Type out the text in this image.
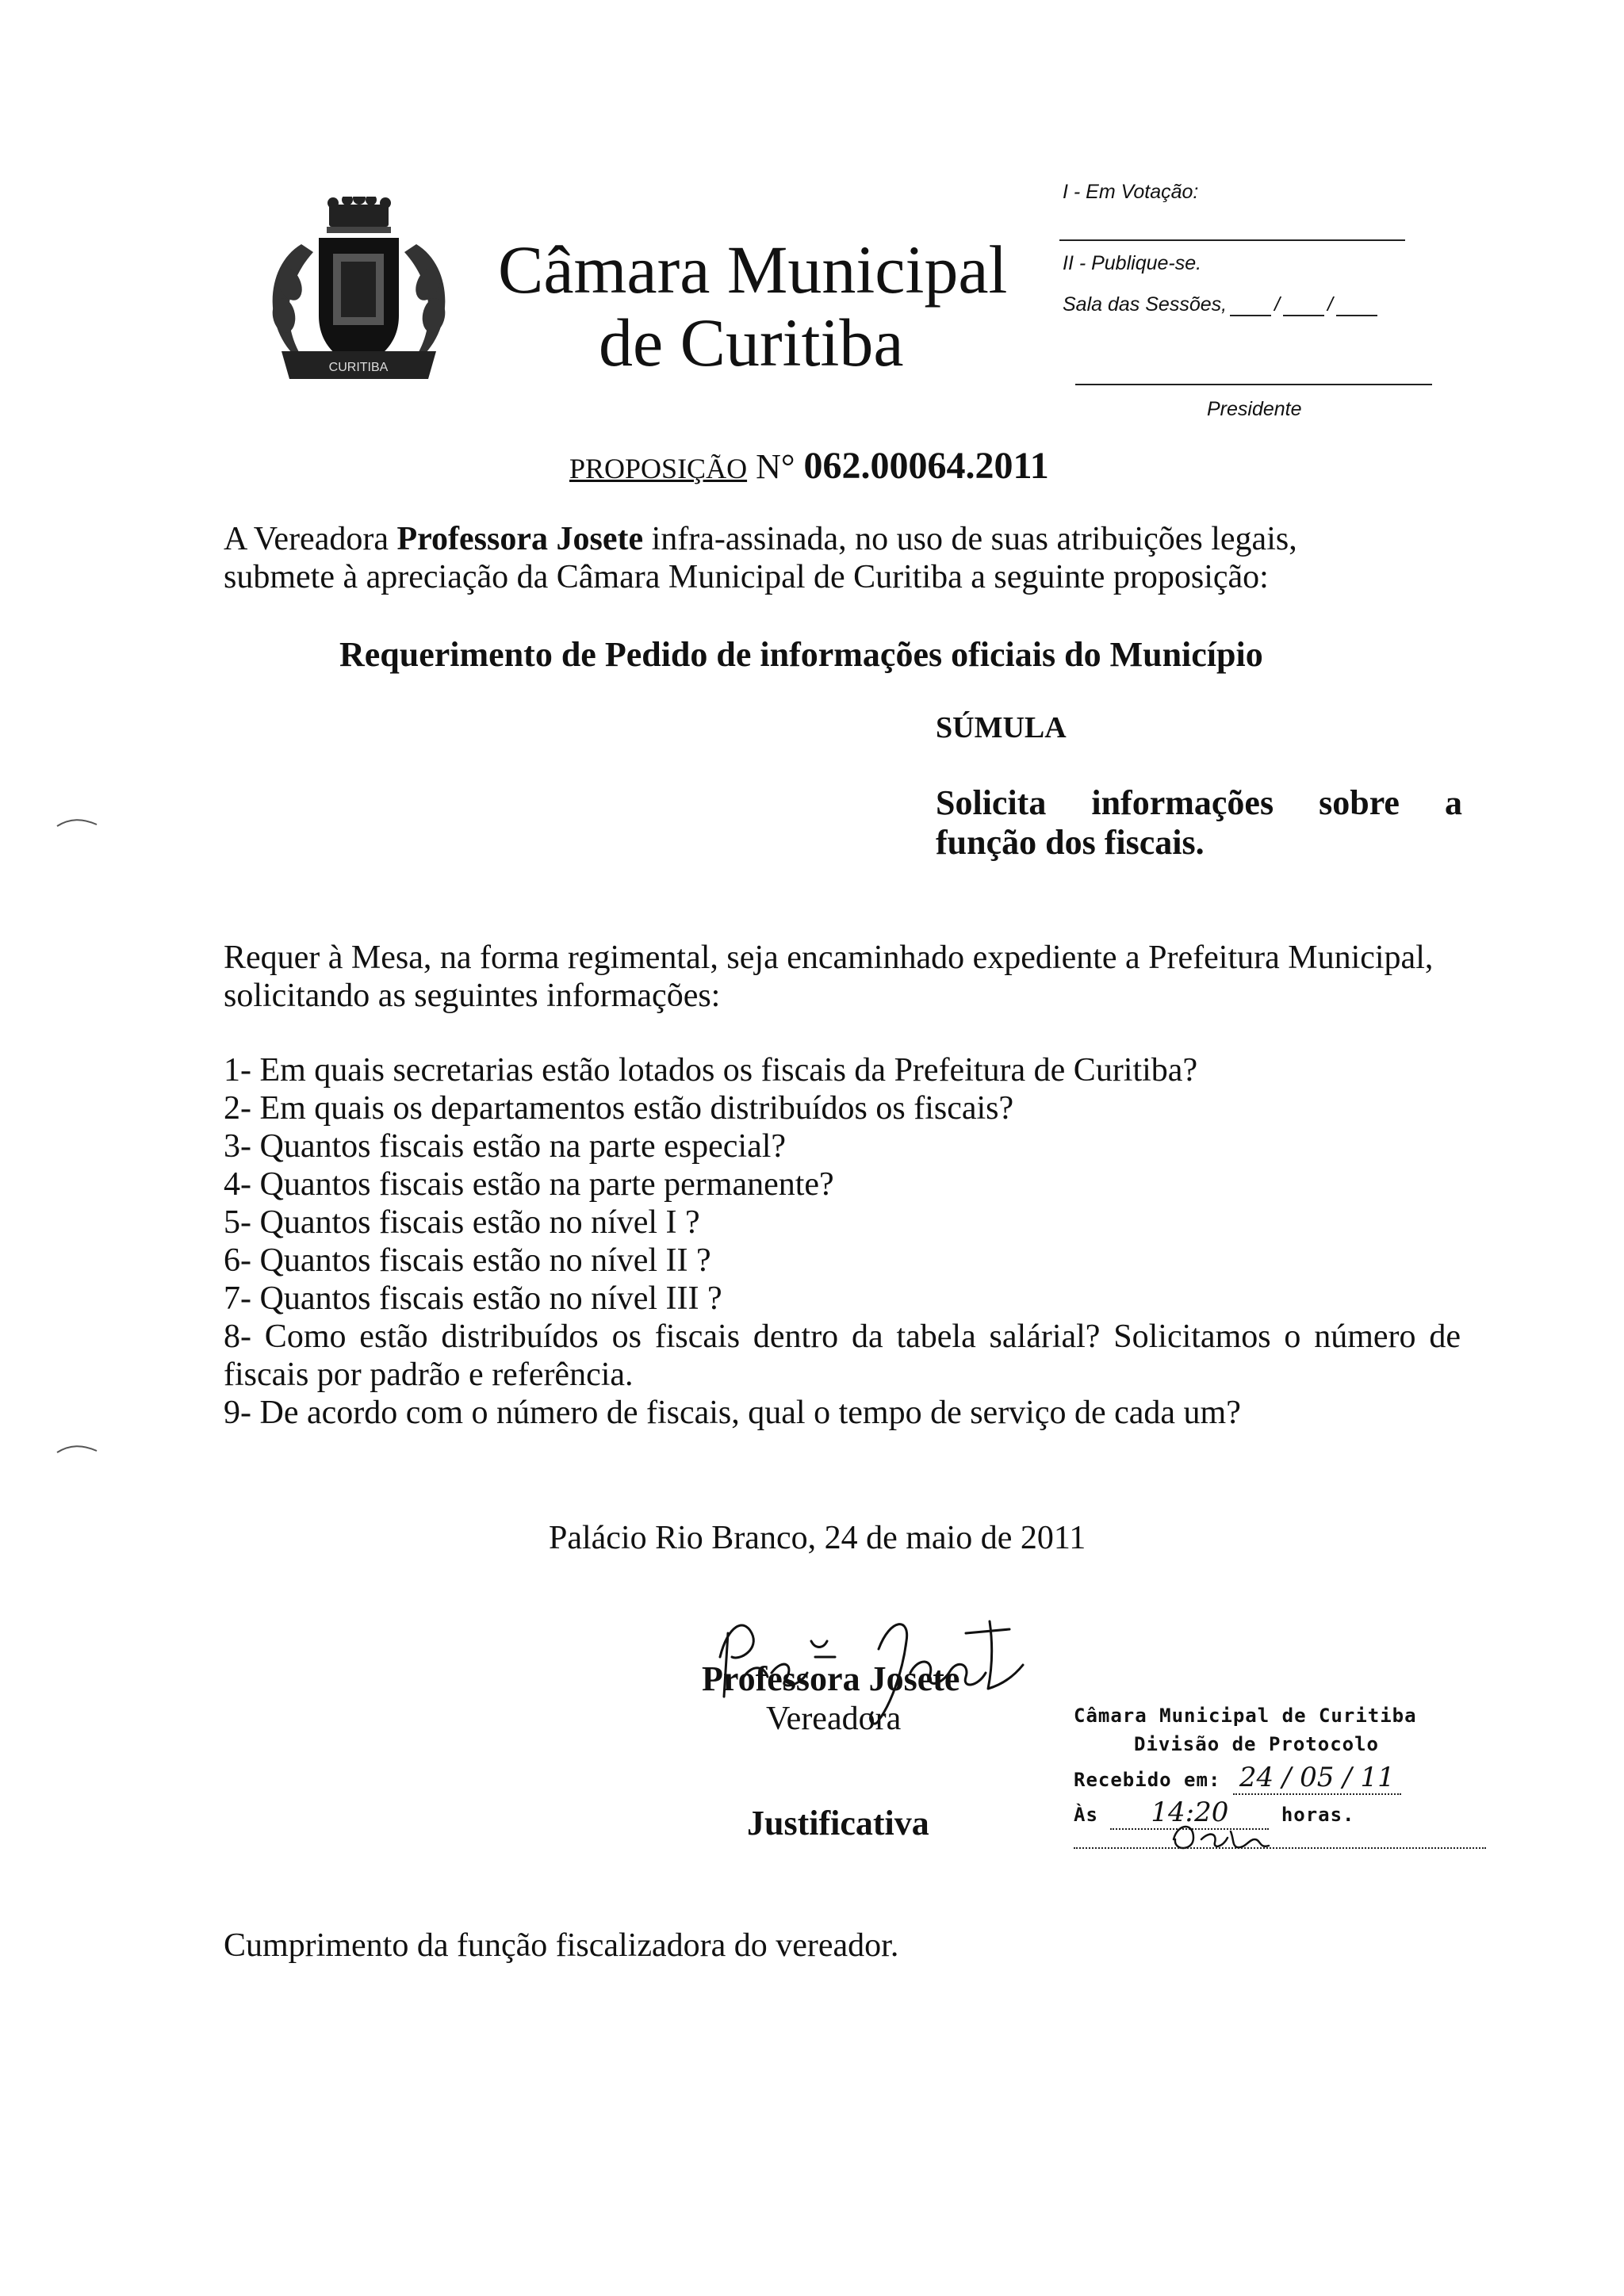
CURITIBA
Câmara Municipal
de Curitiba
I - Em Votação:
II - Publique-se.
Sala das Sessões, / /
Presidente
PROPOSIÇÃO N° 062.00064.2011
A Vereadora Professora Josete infra-assinada, no uso de suas atribuições legais,
submete à apreciação da Câmara Municipal de Curitiba a seguinte proposição:
Requerimento de Pedido de informações oficiais do Município
SÚMULA
Solicita informações sobre a função dos fiscais.
Requer à Mesa, na forma regimental, seja encaminhado expediente a Prefeitura Municipal, solicitando as seguintes informações:
1- Em quais secretarias estão lotados os fiscais da Prefeitura de Curitiba?
2- Em quais os departamentos estão distribuídos os fiscais?
3- Quantos fiscais estão na parte especial?
4- Quantos fiscais estão na parte permanente?
5- Quantos fiscais estão no nível I ?
6- Quantos fiscais estão no nível II ?
7- Quantos fiscais estão no nível III ?
8- Como estão distribuídos os fiscais dentro da tabela salárial? Solicitamos o número de fiscais por padrão e referência.
9- De acordo com o número de fiscais, qual o tempo de serviço de cada um?
Palácio Rio Branco, 24 de maio de 2011
Professora Josete
Vereadora
Justificativa
Cumprimento da função fiscalizadora do vereador.
Câmara Municipal de Curitiba
Divisão de Protocolo
Recebido em: 24 / 05 / 11
Às 14:20	horas.
